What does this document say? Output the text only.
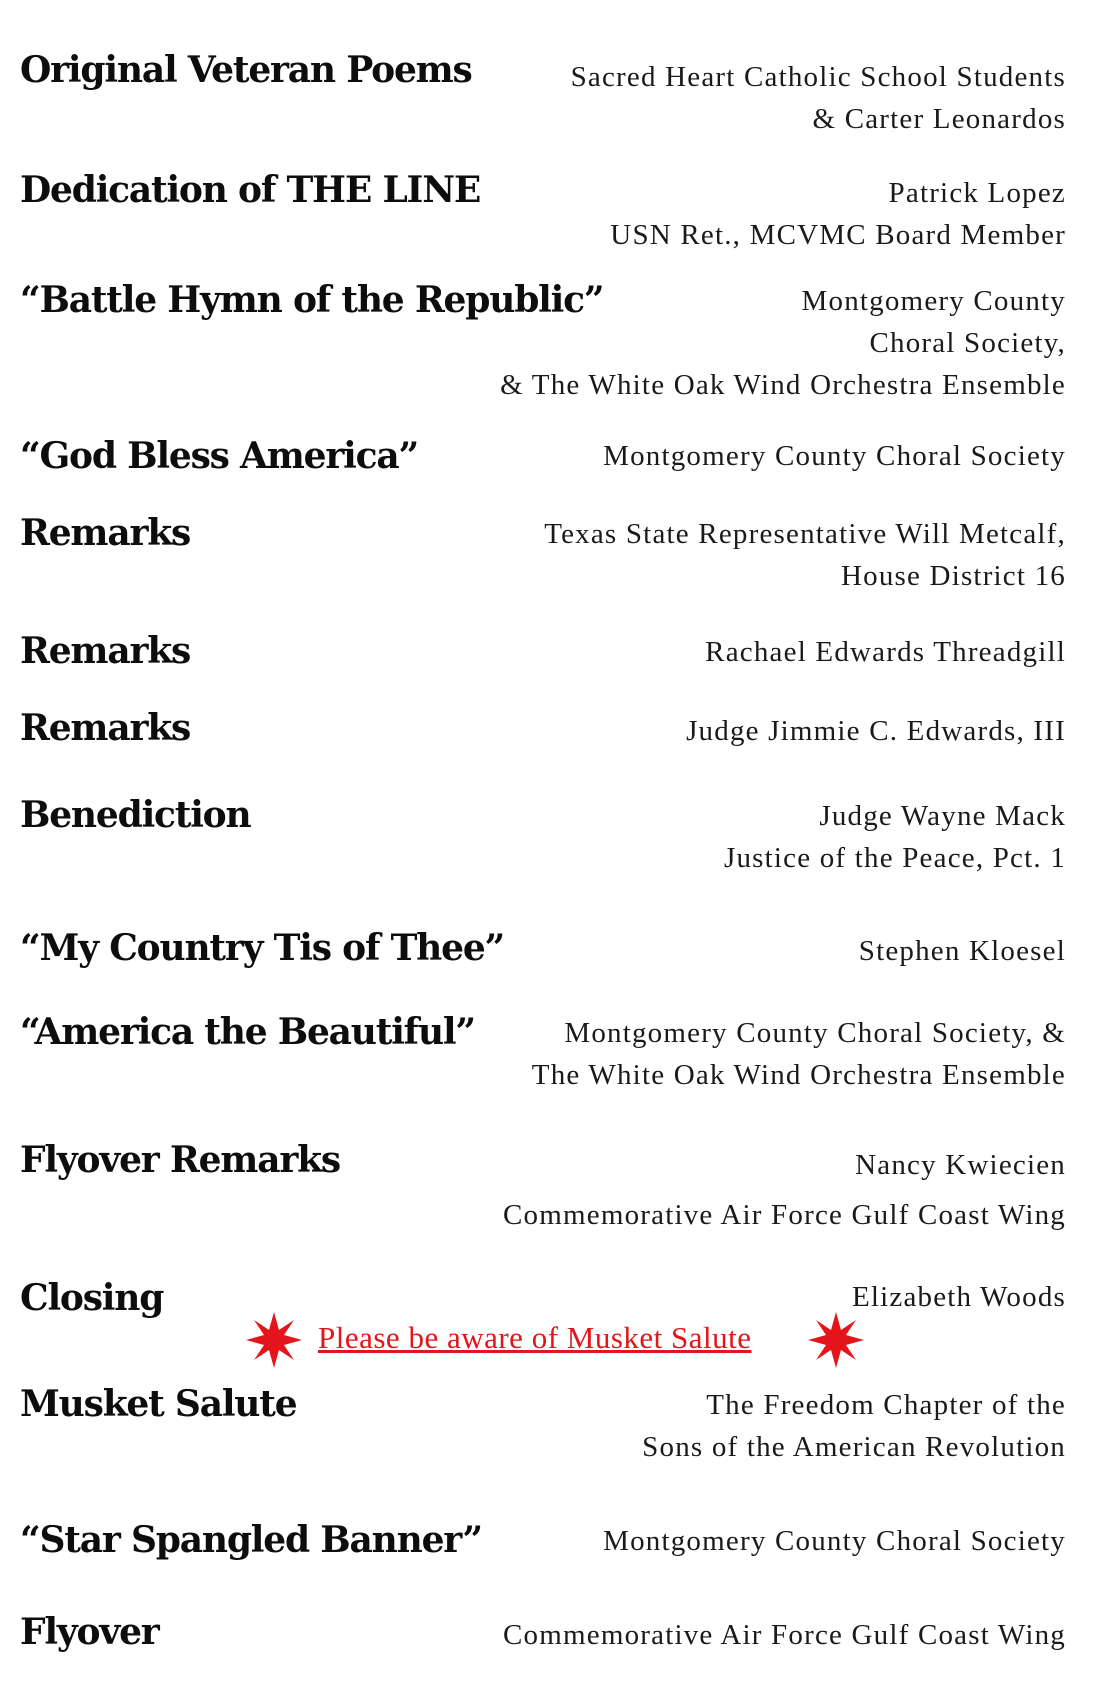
Original Veteran Poems	Sacred Heart Catholic School Students
& Carter Leonardos
Dedication of THE LINE	Patrick Lopez
USN Ret., MCVMC Board Member
“Battle Hymn of the Republic”	Montgomery County
Choral Society,
& The White Oak Wind Orchestra Ensemble
“God Bless America”	Montgomery County Choral Society
Remarks	Texas State Representative Will Metcalf,
House District 16
Remarks	Rachael Edwards Threadgill
Remarks	Judge Jimmie C. Edwards, III
Benediction	Judge Wayne Mack
Justice of the Peace, Pct. 1
“My Country Tis of Thee”	Stephen Kloesel
“America the Beautiful”	Montgomery County Choral Society, &
The White Oak Wind Orchestra Ensemble
Flyover Remarks	Nancy Kwiecien
Commemorative Air Force Gulf Coast Wing
Closing	Elizabeth Woods
Please be aware of Musket Salute
Musket Salute	The Freedom Chapter of the
Sons of the American Revolution
“Star Spangled Banner”	Montgomery County Choral Society
Flyover	Commemorative Air Force Gulf Coast Wing
